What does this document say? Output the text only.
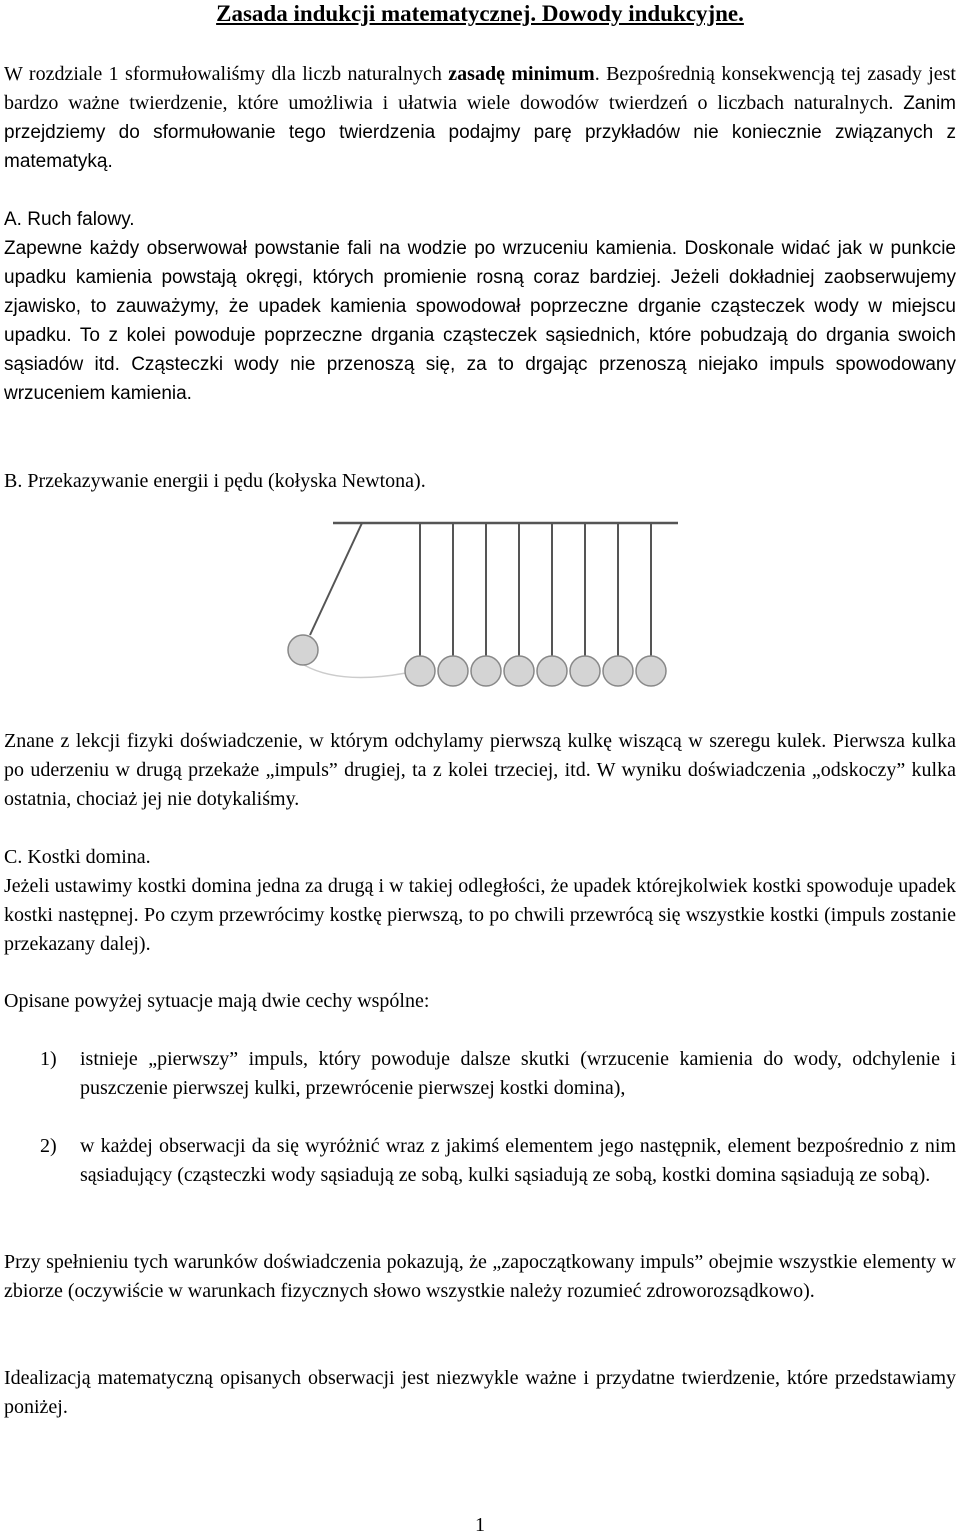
Zasada indukcji matematycznej. Dowody indukcyjne.

W rozdziale 1 sformułowaliśmy dla liczb naturalnych zasadę minimum. Bezpośrednią konsekwencją tej zasady jest bardzo ważne twierdzenie, które umożliwia i ułatwia wiele dowodów twierdzeń o liczbach naturalnych. Zanim przejdziemy do sformułowanie tego twierdzenia podajmy parę przykładów nie koniecznie związanych z matematyką.

A. Ruch falowy.

Zapewne każdy obserwował powstanie fali na wodzie po wrzuceniu kamienia. Doskonale widać jak w punkcie upadku kamienia powstają okręgi, których promienie rosną coraz bardziej. Jeżeli dokładniej zaobserwujemy zjawisko, to zauważymy, że upadek kamienia spowodował poprzeczne drganie cząsteczek wody w miejscu upadku. To z kolei powoduje poprzeczne drgania cząsteczek sąsiednich, które pobudzają do drgania swoich sąsiadów itd. Cząsteczki wody nie przenoszą się, za to drgając przenoszą niejako impuls spowodowany wrzuceniem kamienia.

B. Przekazywanie energii i pędu (kołyska Newtona).

Znane z lekcji fizyki doświadczenie, w którym odchylamy pierwszą kulkę wiszącą w szeregu kulek. Pierwsza kulka po uderzeniu w drugą przekaże „impuls” drugiej, ta z kolei trzeciej, itd. W wyniku doświadczenia „odskoczy” kulka ostatnia, chociaż jej nie dotykaliśmy.

C. Kostki domina.

Jeżeli ustawimy kostki domina jedna za drugą i w takiej odległości, że upadek którejkolwiek kostki spowoduje upadek kostki następnej. Po czym przewrócimy kostkę pierwszą, to po chwili przewrócą się wszystkie kostki (impuls zostanie przekazany dalej).

Opisane powyżej sytuacje mają dwie cechy wspólne:

1) istnieje „pierwszy” impuls, który powoduje dalsze skutki (wrzucenie kamienia do wody, odchylenie i puszczenie pierwszej kulki, przewrócenie pierwszej kostki domina),
2) w każdej obserwacji da się wyróżnić wraz z jakimś elementem jego następnik, element bezpośrednio z nim sąsiadujący (cząsteczki wody sąsiadują ze sobą, kulki sąsiadują ze sobą, kostki domina sąsiadują ze sobą).

Przy spełnieniu tych warunków doświadczenia pokazują, że „zapoczątkowany impuls” obejmie wszystkie elementy w zbiorze (oczywiście w warunkach fizycznych słowo wszystkie należy rozumieć zdroworozsądkowo).

Idealizacją matematyczną opisanych obserwacji jest niezwykle ważne i przydatne twierdzenie, które przedstawiamy poniżej.

1
